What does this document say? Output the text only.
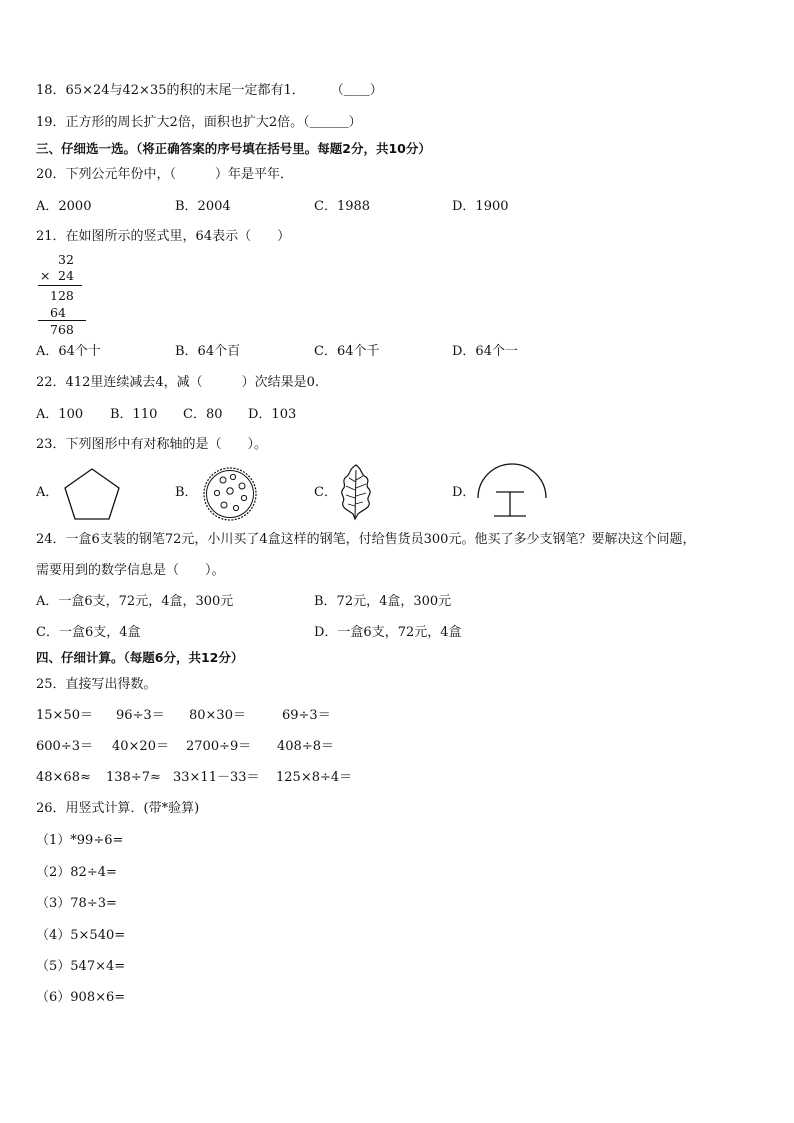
18．65×24与42×35的积的末尾一定都有1．　　　（＿＿）
19．正方形的周长扩大2倍，面积也扩大2倍。（＿＿＿）
三、仔细选一选。（将正确答案的序号填在括号里。每题2分，共10分）
20．下列公元年份中，（　　　）年是平年．
A．2000	B．2004	C．1988	D．1900
21．在如图所示的竖式里，64表示（　　）
32
× 24
128
64
768
A．64个十	B．64个百	C．64个千	D．64个一
22．412里连续减去4，减（　　　）次结果是0.
A．100 B．110 C．80 D．103
23．下列图形中有对称轴的是（　　）。
A．	B．	C．	D．
24．一盒6支装的钢笔72元，小川买了4盒这样的钢笔，付给售货员300元。他买了多少支钢笔？要解决这个问题，
需要用到的数学信息是（　　）。
A．一盒6支，72元，4盒，300元	B．72元，4盒，300元
C．一盒6支，4盒	D．一盒6支，72元，4盒
四、仔细计算。（每题6分，共12分）
25．直接写出得数。
15×50＝ 96÷3＝ 80×30＝	69÷3＝
600÷3＝ 40×20＝ 2700÷9＝ 408÷8＝
48×68≈ 138÷7≈ 33×11－33＝ 125×8÷4＝
26．用竖式计算．(带*验算)
（1）*99÷6=
（2）82÷4=
（3）78÷3=
（4）5×540=
（5）547×4=
（6）908×6=
